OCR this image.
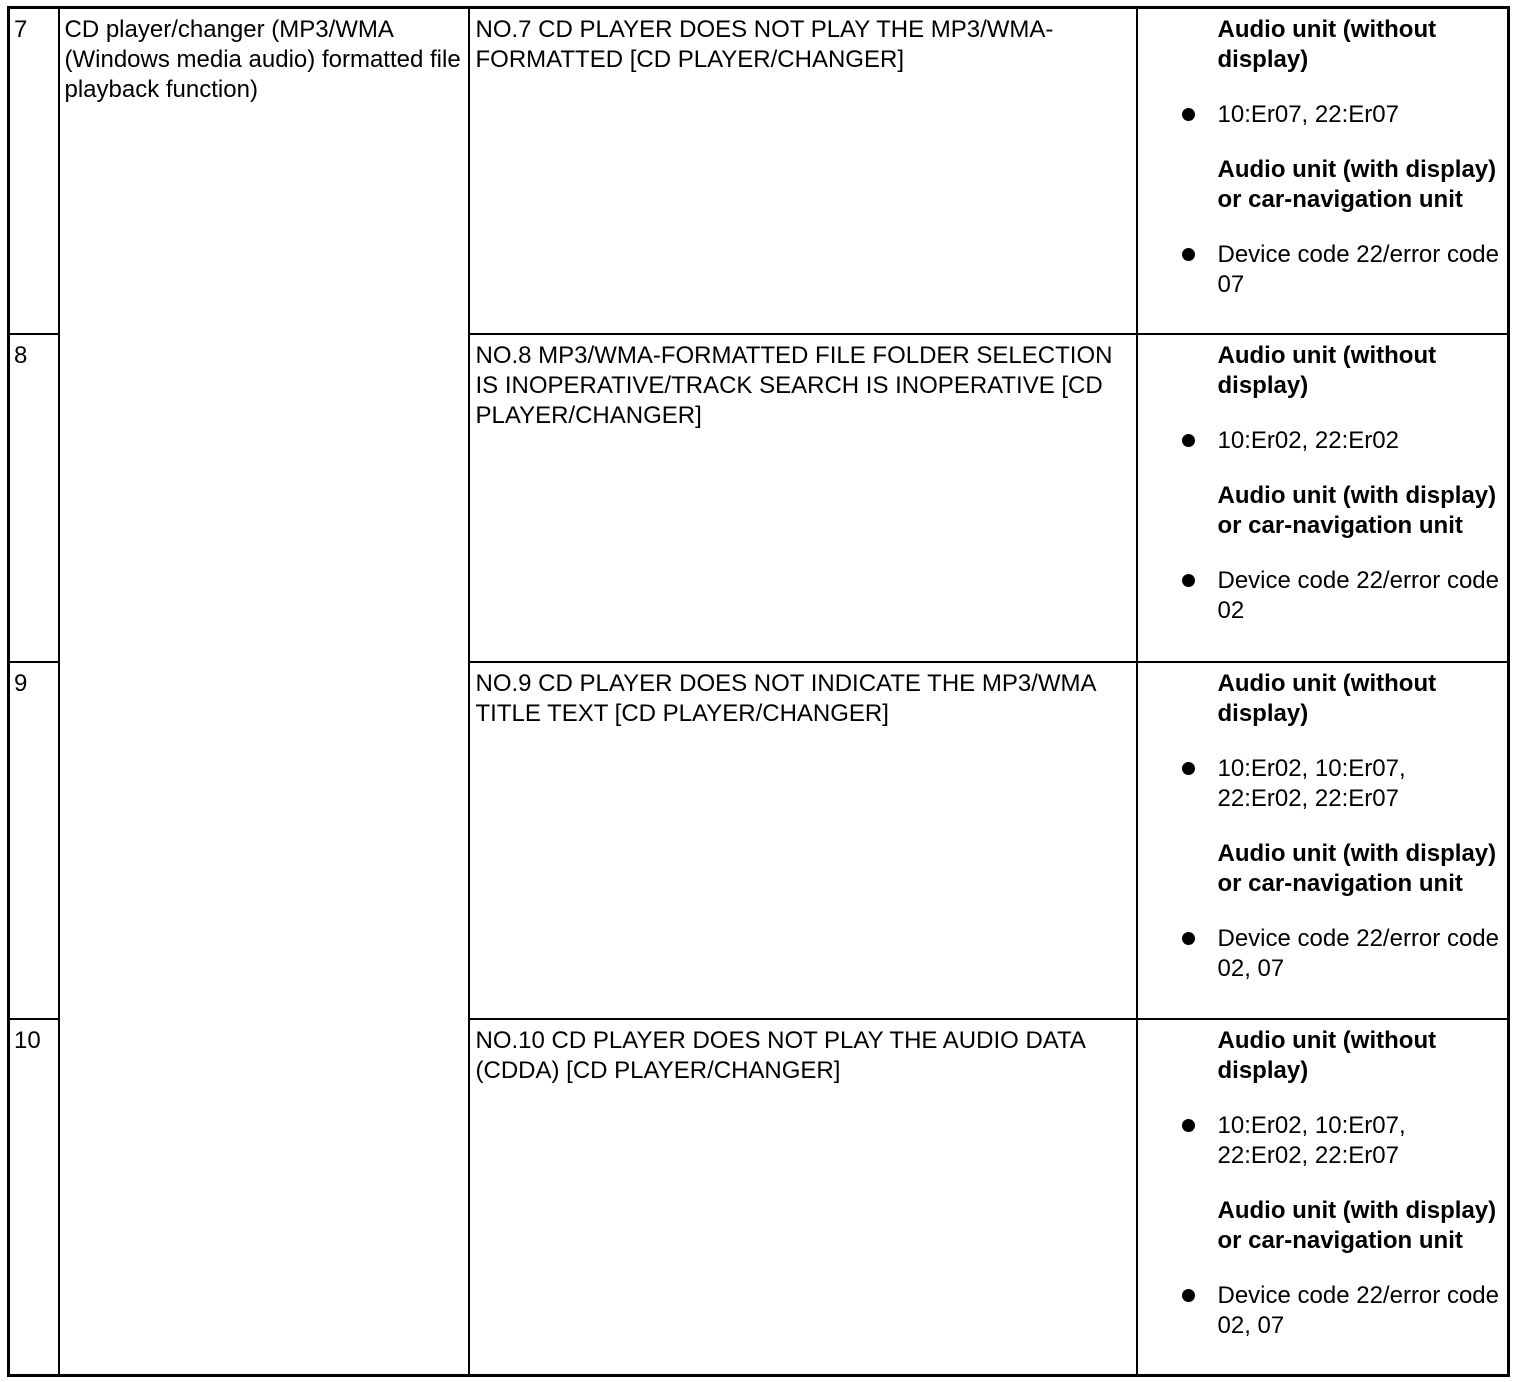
7	CD player/changer (MP3/WMA (Windows media audio) formatted file playback function)	NO.7 CD PLAYER DOES NOT PLAY THE MP3/WMA-FORMATTED [CD PLAYER/CHANGER]	Audio unit (without display)

10:Er07, 22:Er07

Audio unit (with display) or car-navigation unit

Device code 22/error code 07

8		NO.8 MP3/WMA-FORMATTED FILE FOLDER SELECTION IS INOPERATIVE/TRACK SEARCH IS INOPERATIVE [CD PLAYER/CHANGER]	Audio unit (without display)

10:Er02, 22:Er02

Audio unit (with display) or car-navigation unit

Device code 22/error code 02

9		NO.9 CD PLAYER DOES NOT INDICATE THE MP3/WMA TITLE TEXT [CD PLAYER/CHANGER]	Audio unit (without display)

10:Er02, 10:Er07, 22:Er02, 22:Er07

Audio unit (with display) or car-navigation unit

Device code 22/error code 02, 07

10		NO.10 CD PLAYER DOES NOT PLAY THE AUDIO DATA (CDDA) [CD PLAYER/CHANGER]	Audio unit (without display)

10:Er02, 10:Er07, 22:Er02, 22:Er07

Audio unit (with display) or car-navigation unit

Device code 22/error code 02, 07
